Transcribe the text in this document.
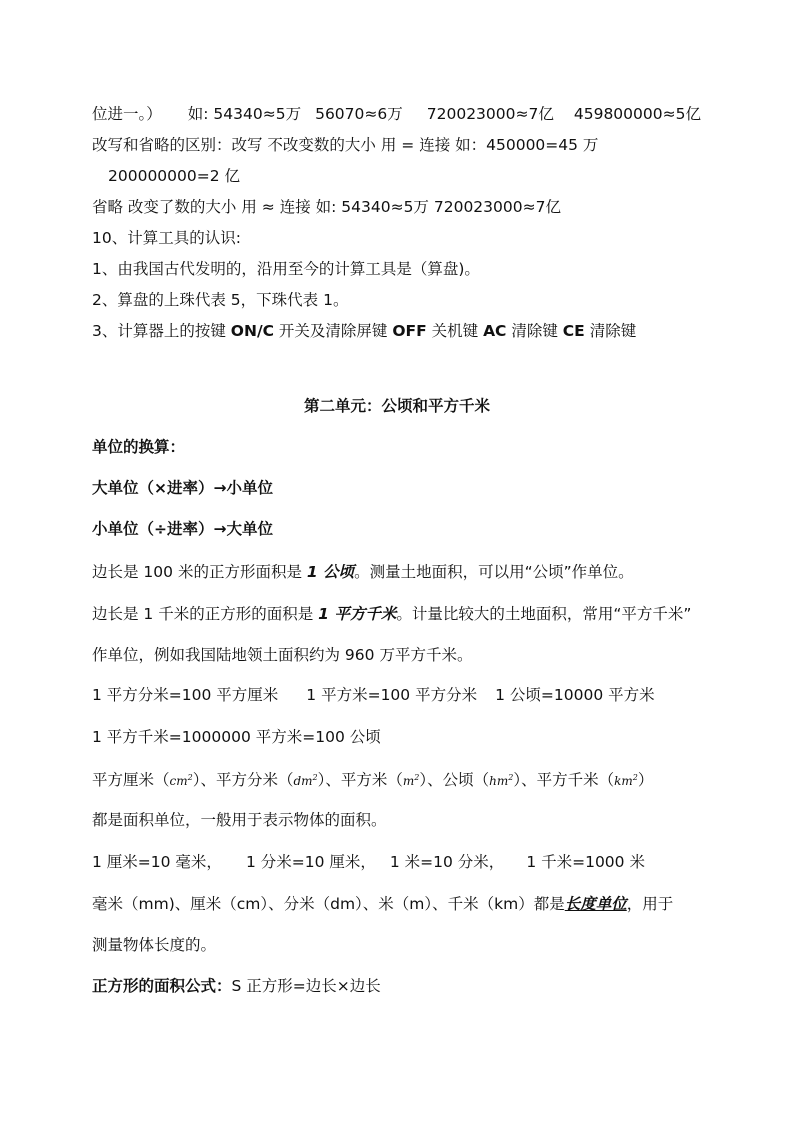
位进一。） 如: 54340≈5万 56070≈6万 720023000≈7亿 459800000≈5亿
改写和省略的区别：改写 不改变数的大小 用 = 连接 如：450000=45 万
200000000=2 亿
省略 改变了数的大小 用 ≈ 连接 如: 54340≈5万 720023000≈7亿
10、计算工具的认识:
1、由我国古代发明的，沿用至今的计算工具是（算盘)。
2、算盘的上珠代表 5，下珠代表 1。
3、计算器上的按键 ON/C 开关及清除屏键 OFF 关机键 AC 清除键 CE 清除键
第二单元：公顷和平方千米
单位的换算：
大单位（×进率）→小单位
小单位（÷进率）→大单位
边长是 100 米的正方形面积是 1 公顷。测量土地面积，可以用“公顷”作单位。
边长是 1 千米的正方形的面积是 1 平方千米。计量比较大的土地面积，常用“平方千米”
作单位，例如我国陆地领土面积约为 960 万平方千米。
1 平方分米=100 平方厘米 1 平方米=100 平方分米 1 公顷=10000 平方米
1 平方千米=1000000 平方米=100 公顷
平方厘米$(cm^2)$、平方分米$(dm^2)$、平方米$(m^2)$、公顷$(hm^2)$、平方千米$(km^2)$
都是面积单位，一般用于表示物体的面积。
1 厘米=10 毫米， 1 分米=10 厘米， 1 米=10 分米， 1 千米=1000 米
毫米（mm)、厘米（cm）、分米（dm）、米（m）、千米（km）都是长度单位，用于
测量物体长度的。
正方形的面积公式：S 正方形=边长×边长
